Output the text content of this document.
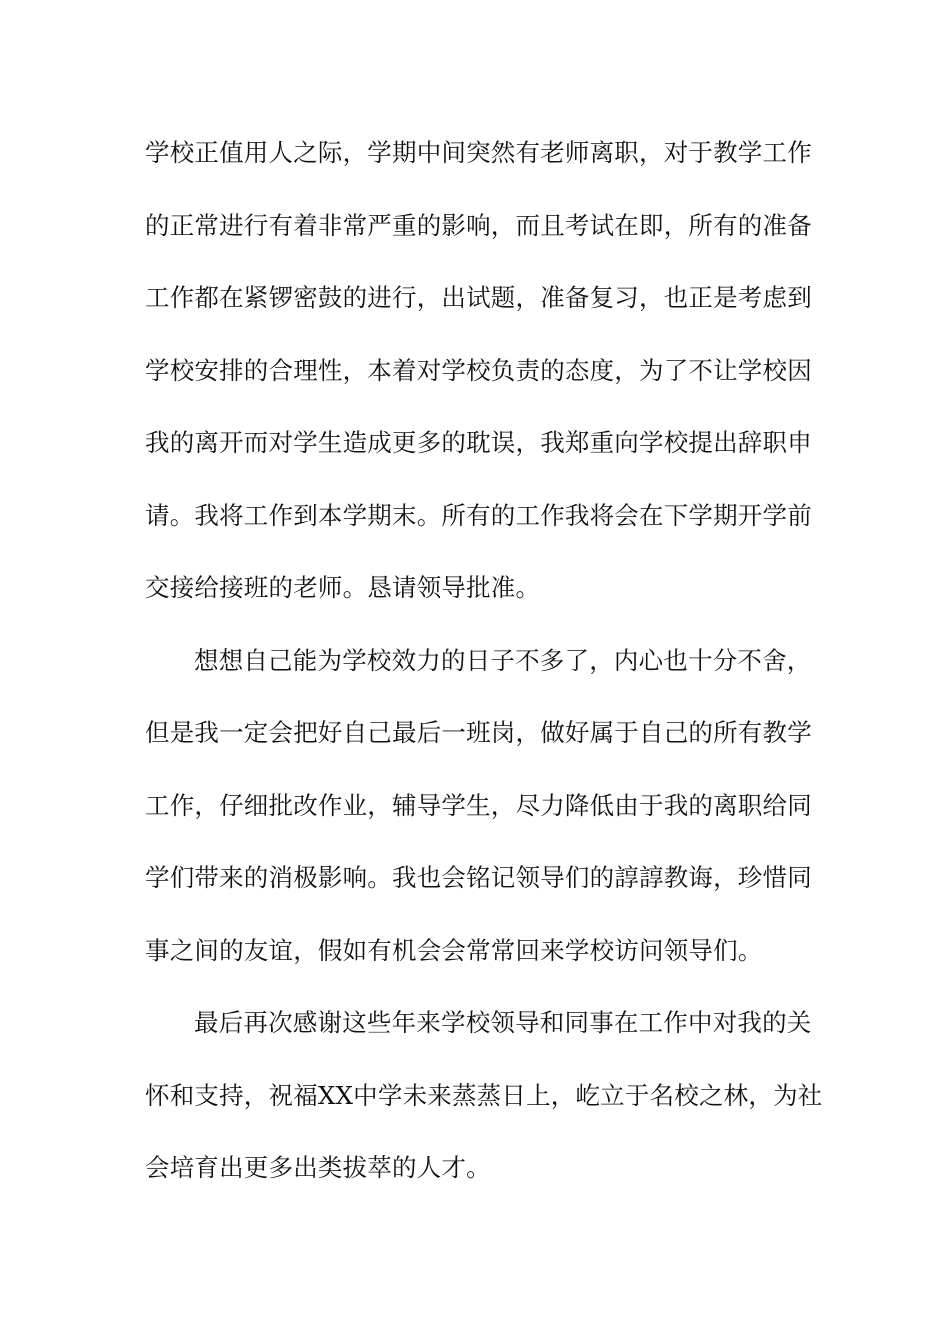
学校正值用人之际，学期中间突然有老师离职，对于教学工作
的正常进行有着非常严重的影响，而且考试在即，所有的准备
工作都在紧锣密鼓的进行，出试题，准备复习，也正是考虑到
学校安排的合理性，本着对学校负责的态度，为了不让学校因
我的离开而对学生造成更多的耽误，我郑重向学校提出辞职申
请。我将工作到本学期末。所有的工作我将会在下学期开学前
交接给接班的老师。恳请领导批准。
想想自己能为学校效力的日子不多了，内心也十分不舍，
但是我一定会把好自己最后一班岗，做好属于自己的所有教学
工作，仔细批改作业，辅导学生，尽力降低由于我的离职给同
学们带来的消极影响。我也会铭记领导们的諄諄教诲，珍惜同
事之间的友谊，假如有机会会常常回来学校访问领导们。
最后再次感谢这些年来学校领导和同事在工作中对我的关
怀和支持，祝福XX中学未来蒸蒸日上，屹立于名校之林，为社
会培育出更多出类拔萃的人才。
